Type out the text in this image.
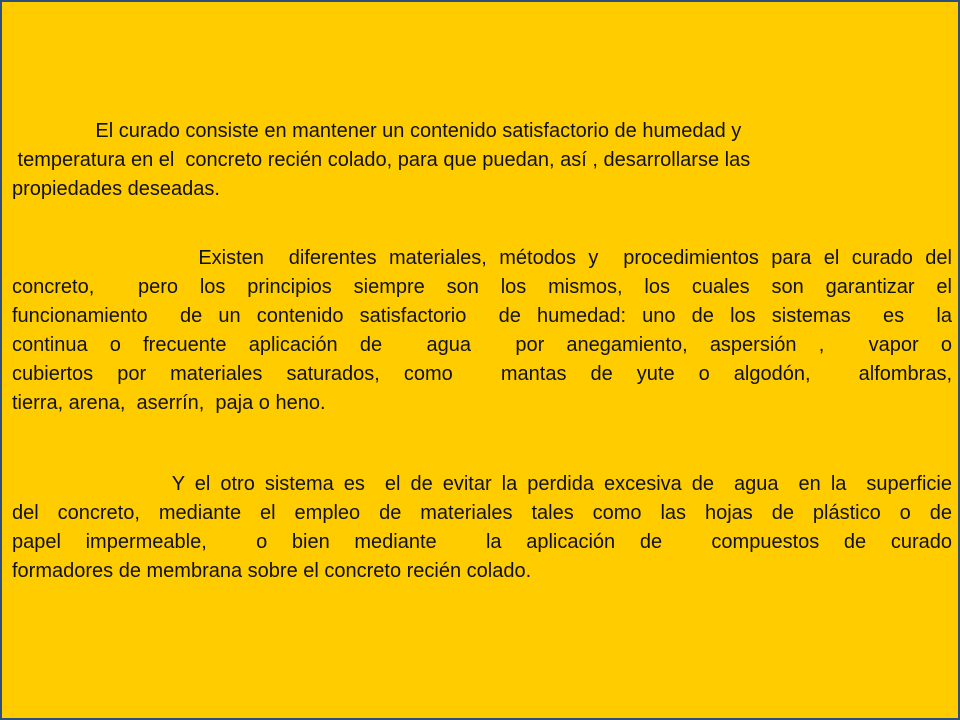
El curado consiste en mantener un contenido satisfactorio de humedad y
temperatura en el  concreto recién colado, para que puedan, así , desarrollarse las
propiedades deseadas.

Existen  diferentes materiales, métodos y  procedimientos para el curado del
concreto,  pero los principios siempre son los mismos, los cuales son garantizar el
funcionamiento  de un contenido satisfactorio  de humedad: uno de los sistemas  es  la
continua o frecuente aplicación de  agua  por anegamiento, aspersión ,  vapor o
cubiertos por materiales saturados, como  mantas de yute o algodón,  alfombras,
tierra, arena,  aserrín,  paja o heno.

Y el otro sistema es  el de evitar la perdida excesiva de  agua  en la  superficie
del concreto, mediante el empleo de materiales tales como las hojas de plástico o de
papel impermeable,  o bien mediante  la aplicación de  compuestos de curado
formadores de membrana sobre el concreto recién colado.
